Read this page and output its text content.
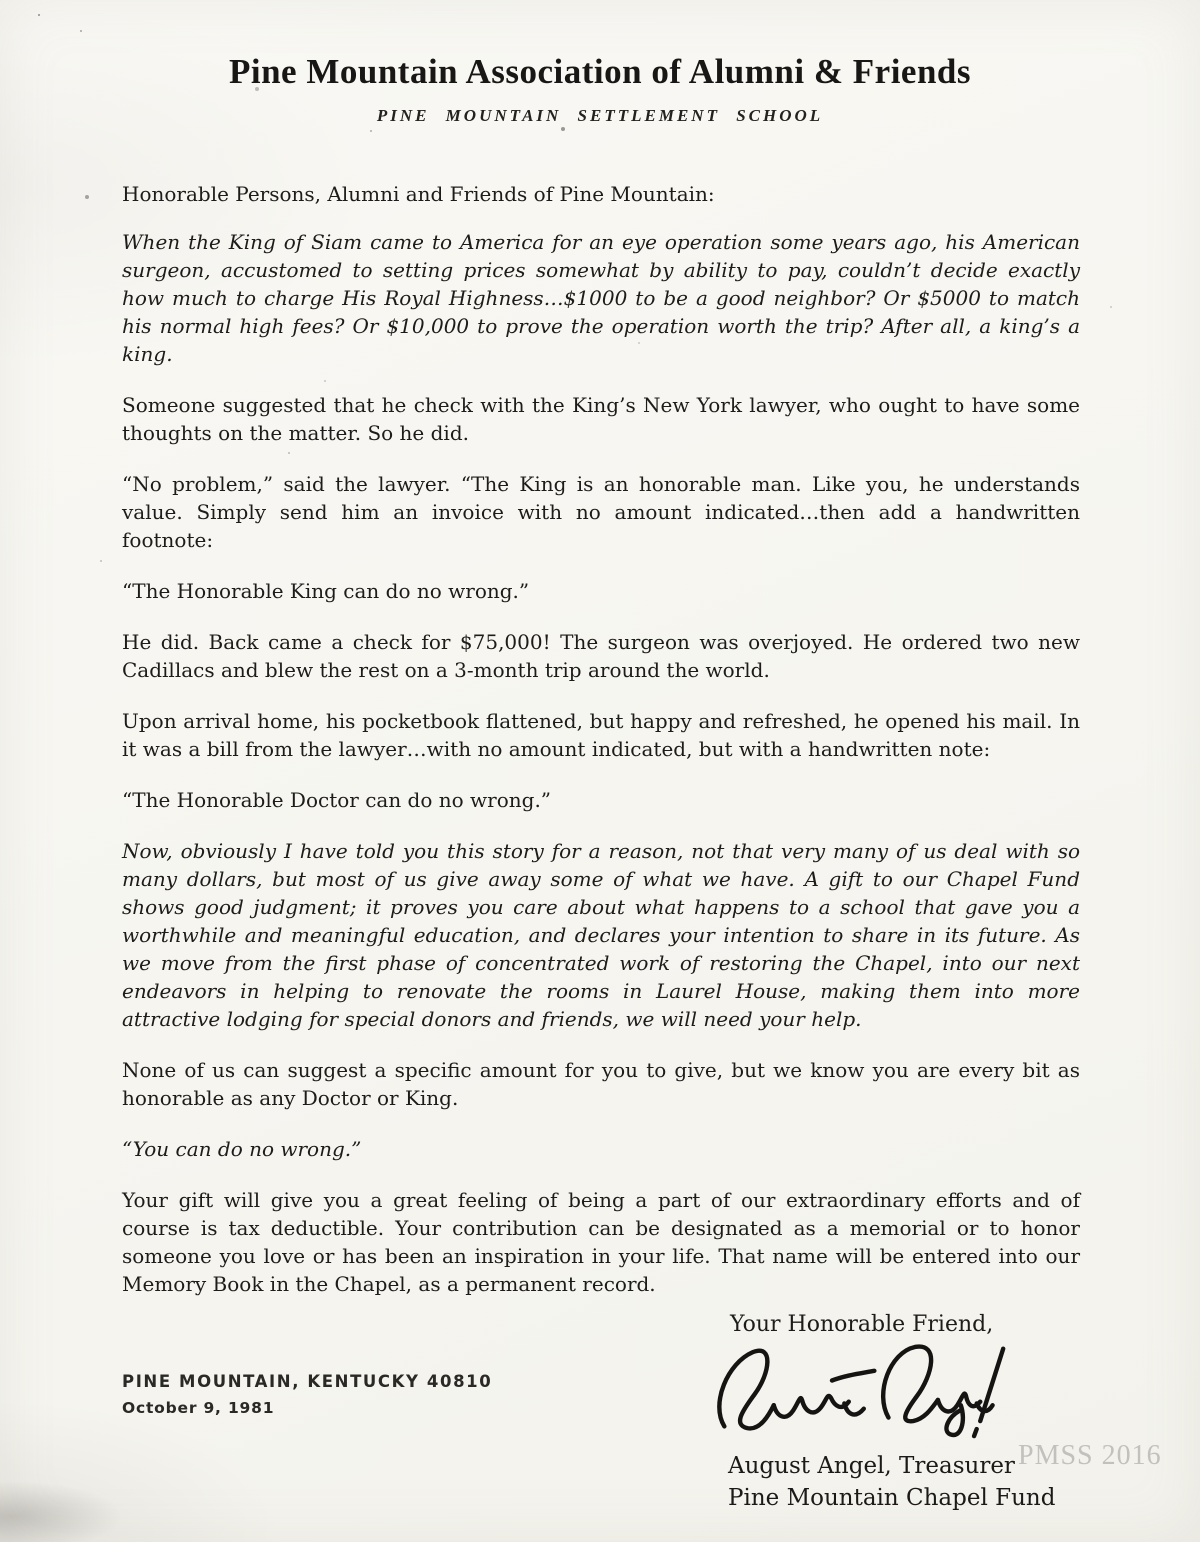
Pine Mountain Association of Alumni & Friends
PINE MOUNTAIN SETTLEMENT SCHOOL

Honorable Persons, Alumni and Friends of Pine Mountain:

When the King of Siam came to America for an eye operation some years ago, his American surgeon, accustomed to setting prices somewhat by ability to pay, couldn’t decide exactly how much to charge His Royal Highness…$1000 to be a good neighbor? Or $5000 to match his normal high fees? Or $10,000 to prove the operation worth the trip? After all, a king’s a king.

Someone suggested that he check with the King’s New York lawyer, who ought to have some thoughts on the matter. So he did.

“No problem,” said the lawyer. “The King is an honorable man. Like you, he understands value. Simply send him an invoice with no amount indicated…then add a handwritten footnote:

“The Honorable King can do no wrong.”

He did. Back came a check for $75,000! The surgeon was overjoyed. He ordered two new Cadillacs and blew the rest on a 3-month trip around the world.

Upon arrival home, his pocketbook flattened, but happy and refreshed, he opened his mail. In it was a bill from the lawyer…with no amount indicated, but with a handwritten note:

“The Honorable Doctor can do no wrong.”

Now, obviously I have told you this story for a reason, not that very many of us deal with so many dollars, but most of us give away some of what we have. A gift to our Chapel Fund shows good judgment; it proves you care about what happens to a school that gave you a worthwhile and meaningful education, and declares your intention to share in its future. As we move from the first phase of concentrated work of restoring the Chapel, into our next endeavors in helping to renovate the rooms in Laurel House, making them into more attractive lodging for special donors and friends, we will need your help.

None of us can suggest a specific amount for you to give, but we know you are every bit as honorable as any Doctor or King.

“You can do no wrong.”

Your gift will give you a great feeling of being a part of our extraordinary efforts and of course is tax deductible. Your contribution can be designated as a memorial or to honor someone you love or has been an inspiration in your life. That name will be entered into our Memory Book in the Chapel, as a permanent record.

Your Honorable Friend,
August Angel, Treasurer
Pine Mountain Chapel Fund
PINE MOUNTAIN, KENTUCKY 40810
October 9, 1981
PMSS 2016
